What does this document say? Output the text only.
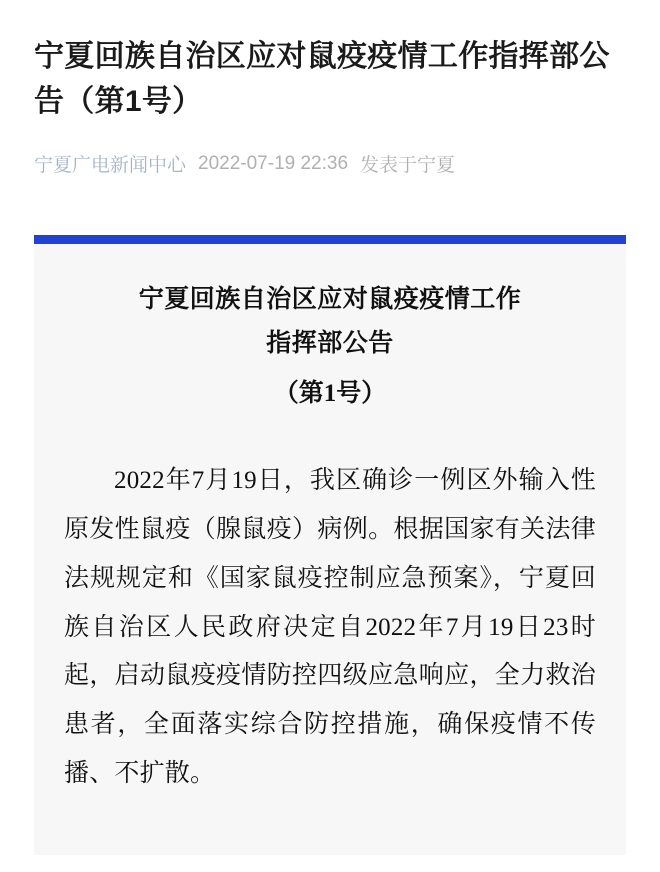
宁夏回族自治区应对鼠疫疫情工作指挥部公告（第1号）
宁夏广电新闻中心 2022-07-19 22:36 发表于宁夏
宁夏回族自治区应对鼠疫疫情工作
指挥部公告
（第1号）
2022年7月19日，我区确诊一例区外输入性原发性鼠疫（腺鼠疫）病例。根据国家有关法律法规规定和《国家鼠疫控制应急预案》，宁夏回族自治区人民政府决定自2022年7月19日23时起，启动鼠疫疫情防控四级应急响应，全力救治患者，全面落实综合防控措施，确保疫情不传播、不扩散。
